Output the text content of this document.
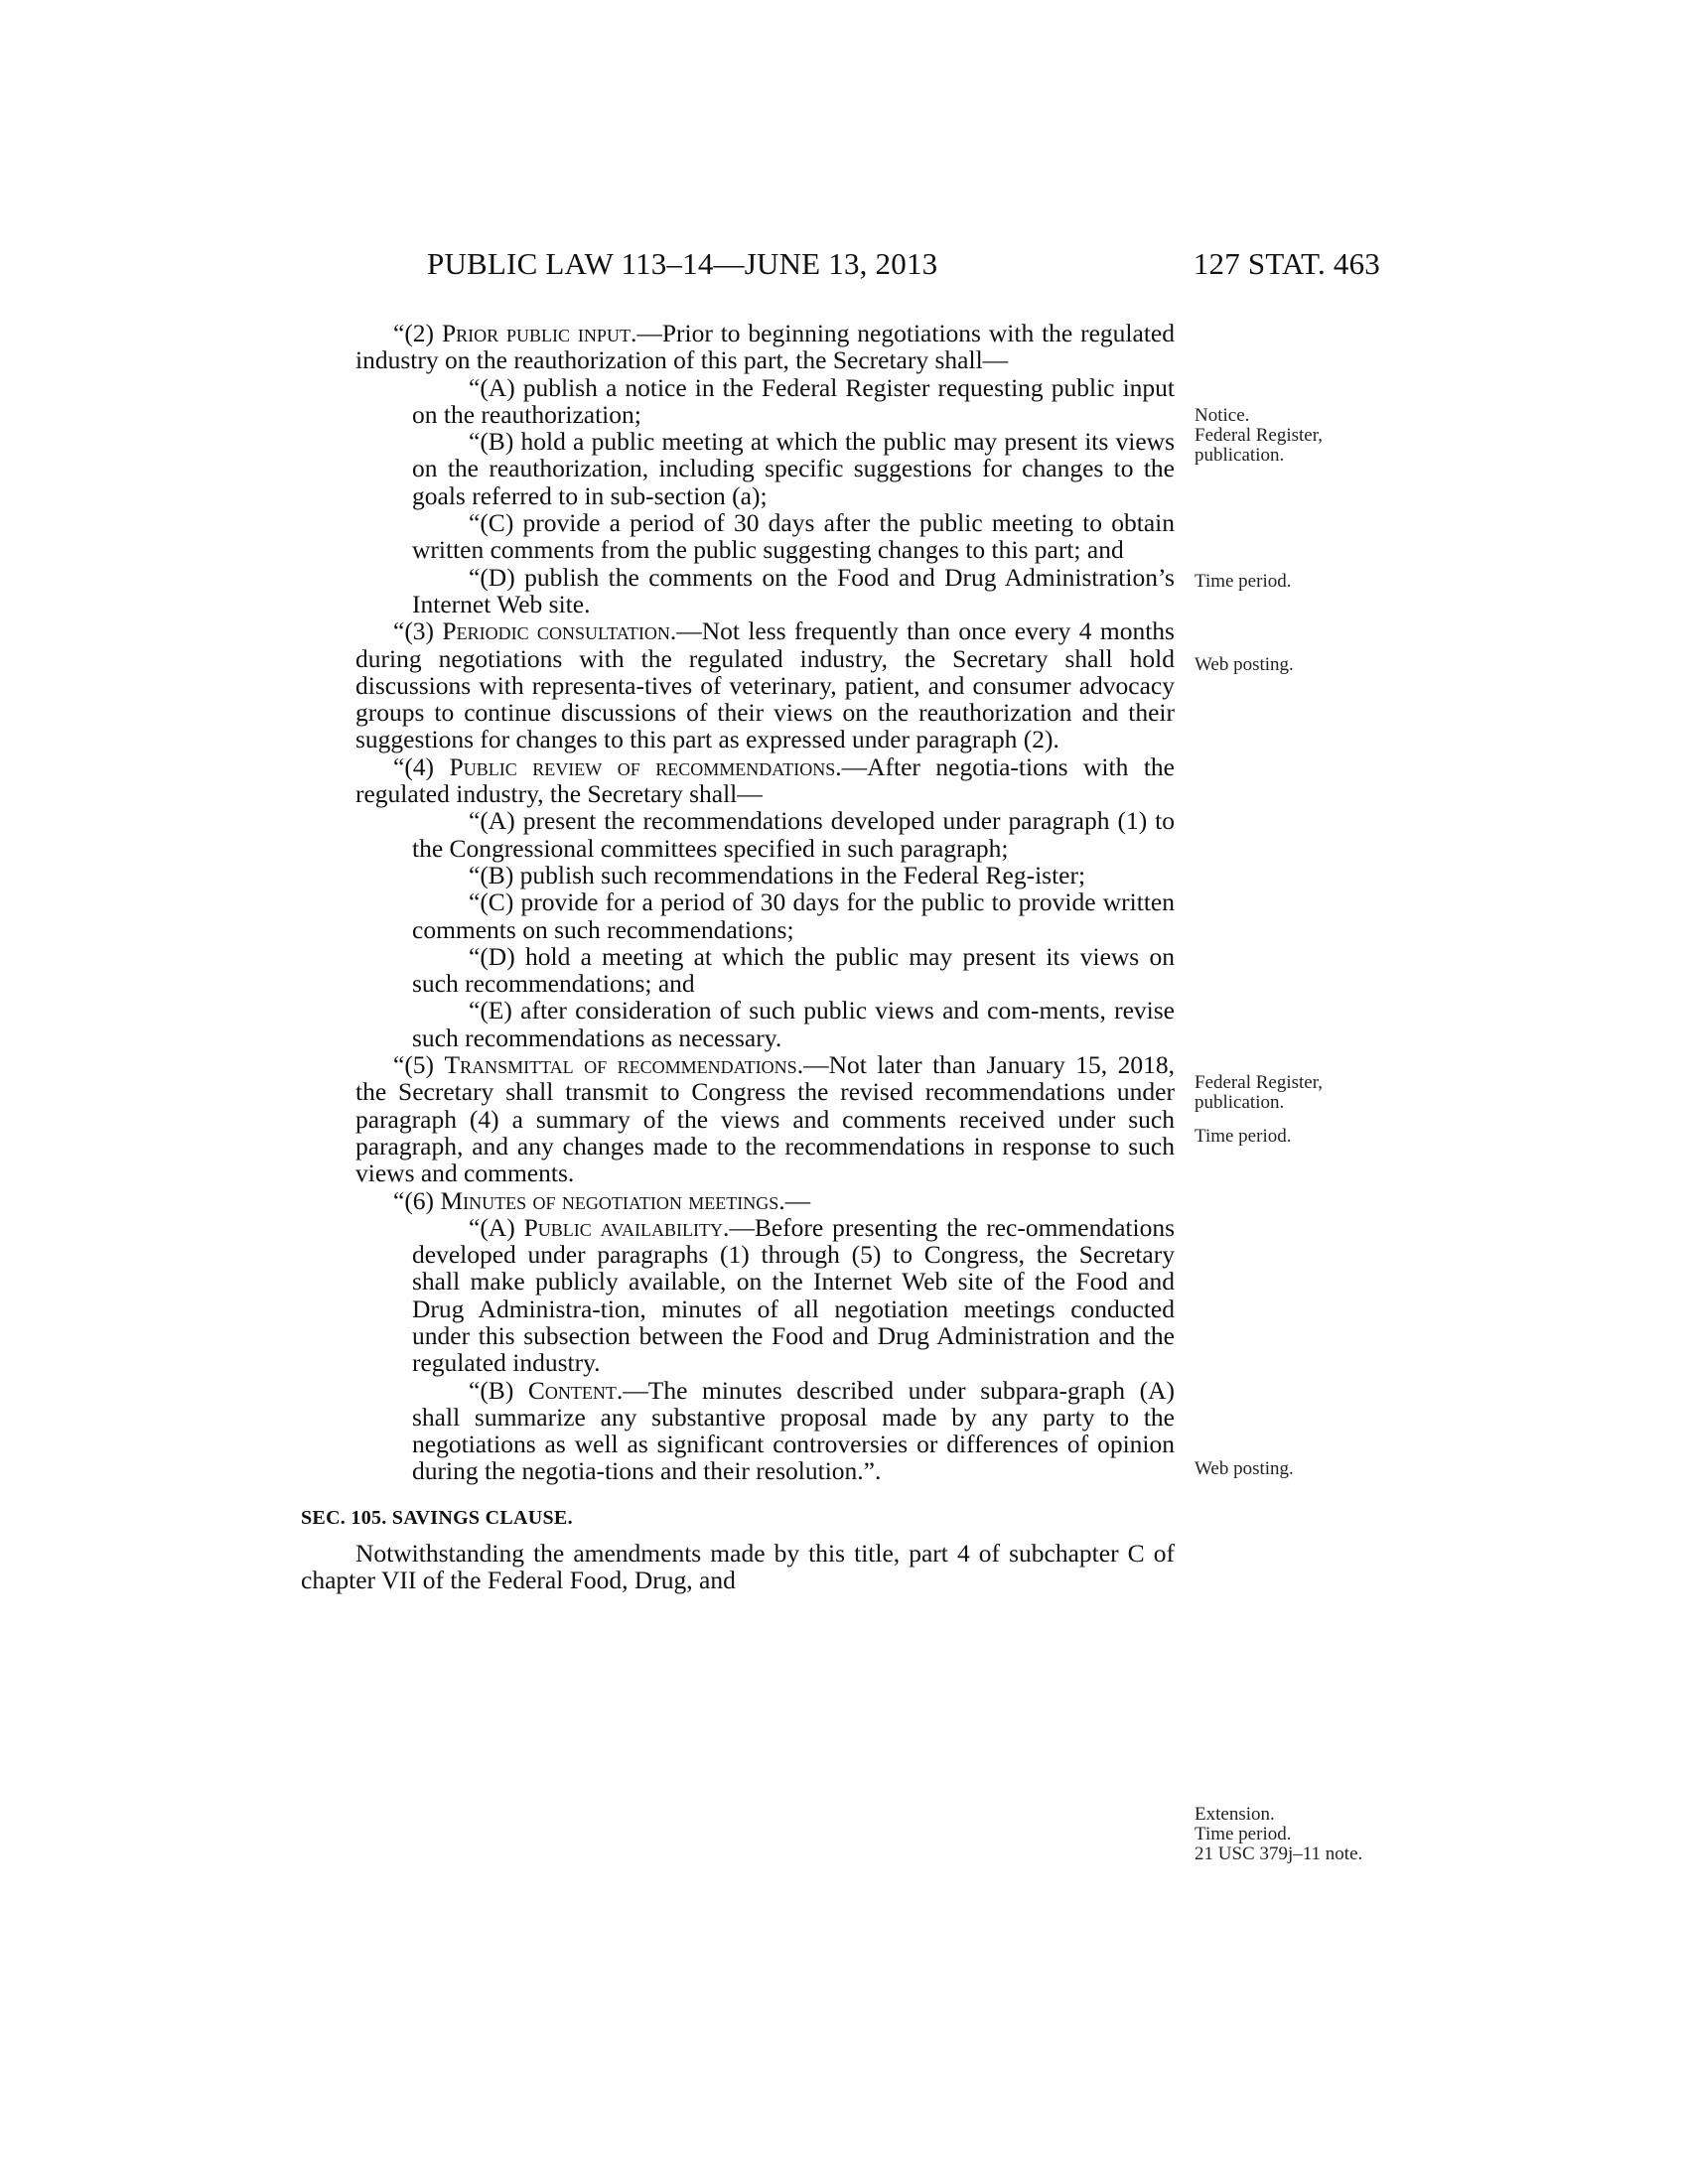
PUBLIC LAW 113–14—JUNE 13, 2013	127 STAT. 463

“(2) Prior public input.—Prior to beginning negotiations with the regulated industry on the reauthorization of this part, the Secretary shall—

“(A) publish a notice in the Federal Register requesting public input on the reauthorization;

“(B) hold a public meeting at which the public may present its views on the reauthorization, including specific suggestions for changes to the goals referred to in sub-section (a);

“(C) provide a period of 30 days after the public meeting to obtain written comments from the public suggesting changes to this part; and

“(D) publish the comments on the Food and Drug Administration’s Internet Web site.

“(3) Periodic consultation.—Not less frequently than once every 4 months during negotiations with the regulated industry, the Secretary shall hold discussions with representa-tives of veterinary, patient, and consumer advocacy groups to continue discussions of their views on the reauthorization and their suggestions for changes to this part as expressed under paragraph (2).

“(4) Public review of recommendations.—After negotia-tions with the regulated industry, the Secretary shall—

“(A) present the recommendations developed under paragraph (1) to the Congressional committees specified in such paragraph;

“(B) publish such recommendations in the Federal Reg-ister;

“(C) provide for a period of 30 days for the public to provide written comments on such recommendations;

“(D) hold a meeting at which the public may present its views on such recommendations; and

“(E) after consideration of such public views and com-ments, revise such recommendations as necessary.

“(5) Transmittal of recommendations.—Not later than January 15, 2018, the Secretary shall transmit to Congress the revised recommendations under paragraph (4) a summary of the views and comments received under such paragraph, and any changes made to the recommendations in response to such views and comments.

“(6) Minutes of negotiation meetings.—

“(A) Public availability.—Before presenting the rec-ommendations developed under paragraphs (1) through (5) to Congress, the Secretary shall make publicly available, on the Internet Web site of the Food and Drug Administra-tion, minutes of all negotiation meetings conducted under this subsection between the Food and Drug Administration and the regulated industry.

“(B) Content.—The minutes described under subpara-graph (A) shall summarize any substantive proposal made by any party to the negotiations as well as significant controversies or differences of opinion during the negotia-tions and their resolution.”.

SEC. 105. SAVINGS CLAUSE.

Notwithstanding the amendments made by this title, part 4 of subchapter C of chapter VII of the Federal Food, Drug, and

Notice.
Federal Register, publication.
Time period.
Web posting.
Federal Register, publication.
Time period.
Web posting.
Extension.
Time period.
21 USC 379j–11 note.
